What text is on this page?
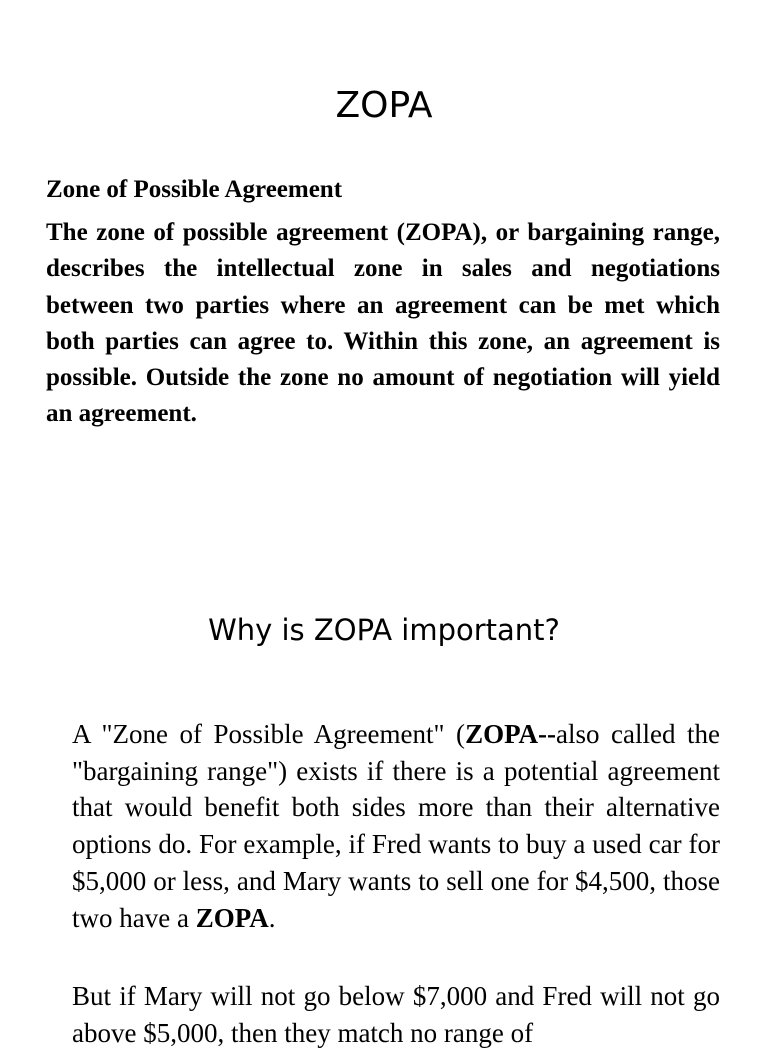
ZOPA
Zone of Possible Agreement

The zone of possible agreement (ZOPA), or bargaining range, describes the intellectual zone in sales and negotiations between two parties where an agreement can be met which both parties can agree to. Within this zone, an agreement is possible. Outside the zone no amount of negotiation will yield an agreement.

Why is ZOPA important?

A "Zone of Possible Agreement" (ZOPA--also called the "bargaining range") exists if there is a potential agreement that would benefit both sides more than their alternative options do. For example, if Fred wants to buy a used car for $5,000 or less, and Mary wants to sell one for $4,500, those two have a ZOPA.

But if Mary will not go below $7,000 and Fred will not go above $5,000, then they match no range of
